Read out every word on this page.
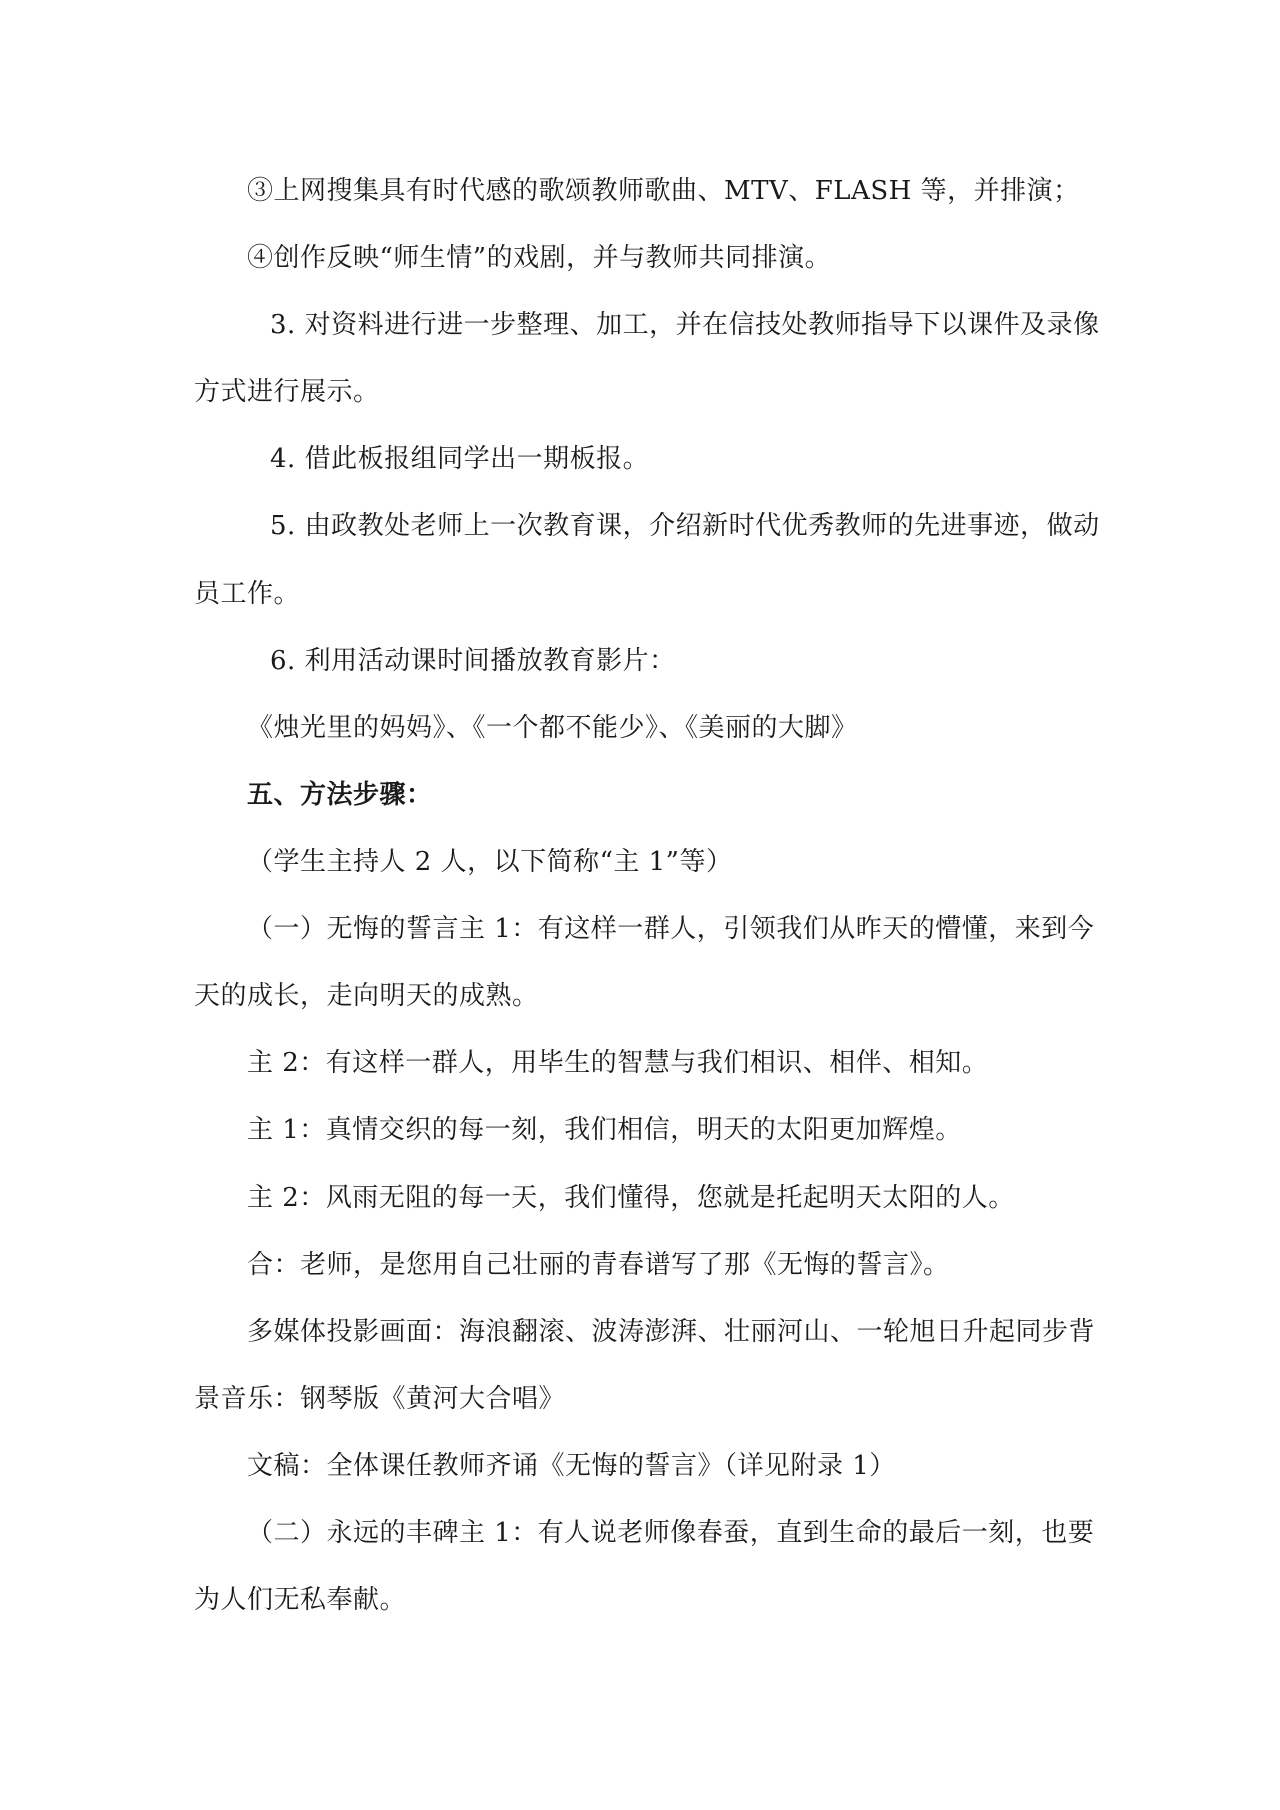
③上网搜集具有时代感的歌颂教师歌曲、MTV、FLASH 等，并排演；
④创作反映“师生情”的戏剧，并与教师共同排演。
3. 对资料进行进一步整理、加工，并在信技处教师指导下以课件及录像
方式进行展示。
4. 借此板报组同学出一期板报。
5. 由政教处老师上一次教育课，介绍新时代优秀教师的先进事迹，做动
员工作。
6. 利用活动课时间播放教育影片：
《烛光里的妈妈》、《一个都不能少》、《美丽的大脚》
五、方法步骤：
（学生主持人 2 人，以下简称“主 1”等）
（一）无悔的誓言主 1：有这样一群人，引领我们从昨天的懵懂，来到今
天的成长，走向明天的成熟。
主 2：有这样一群人，用毕生的智慧与我们相识、相伴、相知。
主 1：真情交织的每一刻，我们相信，明天的太阳更加辉煌。
主 2：风雨无阻的每一天，我们懂得，您就是托起明天太阳的人。
合：老师，是您用自己壮丽的青春谱写了那《无悔的誓言》。
多媒体投影画面：海浪翻滚、波涛澎湃、壮丽河山、一轮旭日升起同步背
景音乐：钢琴版《黄河大合唱》
文稿：全体课任教师齐诵《无悔的誓言》（详见附录 1）
（二）永远的丰碑主 1：有人说老师像春蚕，直到生命的最后一刻，也要
为人们无私奉献。
